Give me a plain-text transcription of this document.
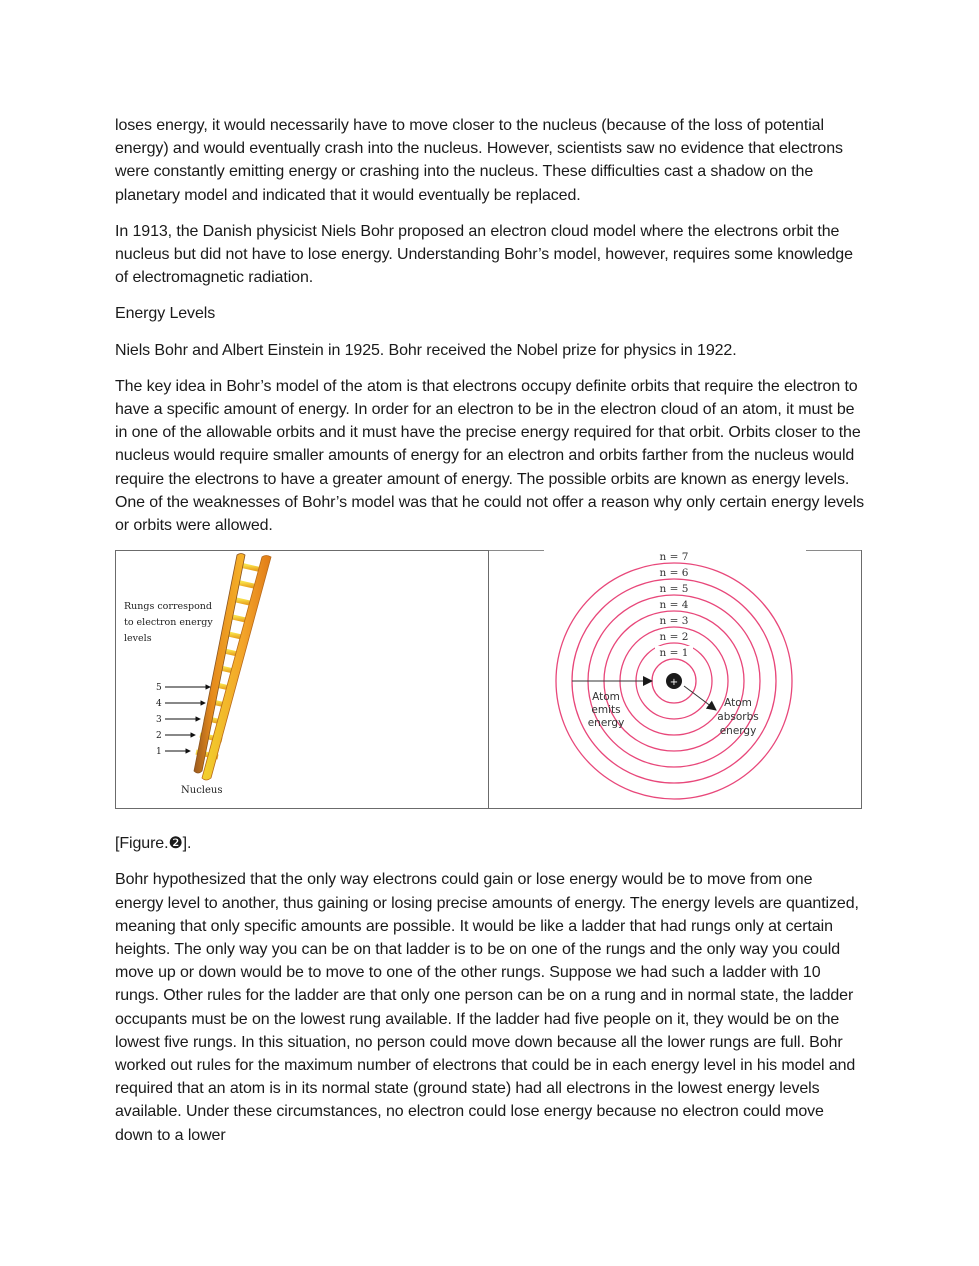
loses energy, it would necessarily have to move closer to the nucleus (because of the loss of potential energy) and would eventually crash into the nucleus. However, scientists saw no evidence that electrons were constantly emitting energy or crashing into the nucleus. These difficulties cast a shadow on the planetary model and indicated that it would eventually be replaced.

In 1913, the Danish physicist Niels Bohr proposed an electron cloud model where the electrons orbit the nucleus but did not have to lose energy. Understanding Bohr’s model, however, requires some knowledge of electromagnetic radiation.

Energy Levels

Niels Bohr and Albert Einstein in 1925. Bohr received the Nobel prize for physics in 1922.

The key idea in Bohr’s model of the atom is that electrons occupy definite orbits that require the electron to have a specific amount of energy. In order for an electron to be in the electron cloud of an atom, it must be in one of the allowable orbits and it must have the precise energy required for that orbit. Orbits closer to the nucleus would require smaller amounts of energy for an electron and orbits farther from the nucleus would require the electrons to have a greater amount of energy. The possible orbits are known as energy levels. One of the weaknesses of Bohr’s model was that he could not offer a reason why only certain energy levels or orbits were allowed.

Rungs correspond
to electron energy
levels
5
4
3
2
1
Nucleus
n = 7
n = 6
n = 5
n = 4
n = 3
n = 2
n = 1
+
Atom
emits
energy
Atom
absorbs
energy

[Figure.❷].

Bohr hypothesized that the only way electrons could gain or lose energy would be to move from one energy level to another, thus gaining or losing precise amounts of energy. The energy levels are quantized, meaning that only specific amounts are possible. It would be like a ladder that had rungs only at certain heights. The only way you can be on that ladder is to be on one of the rungs and the only way you could move up or down would be to move to one of the other rungs. Suppose we had such a ladder with 10 rungs. Other rules for the ladder are that only one person can be on a rung and in normal state, the ladder occupants must be on the lowest rung available. If the ladder had five people on it, they would be on the lowest five rungs. In this situation, no person could move down because all the lower rungs are full. Bohr worked out rules for the maximum number of electrons that could be in each energy level in his model and required that an atom is in its normal state (ground state) had all electrons in the lowest energy levels available. Under these circumstances, no electron could lose energy because no electron could move down to a lower
